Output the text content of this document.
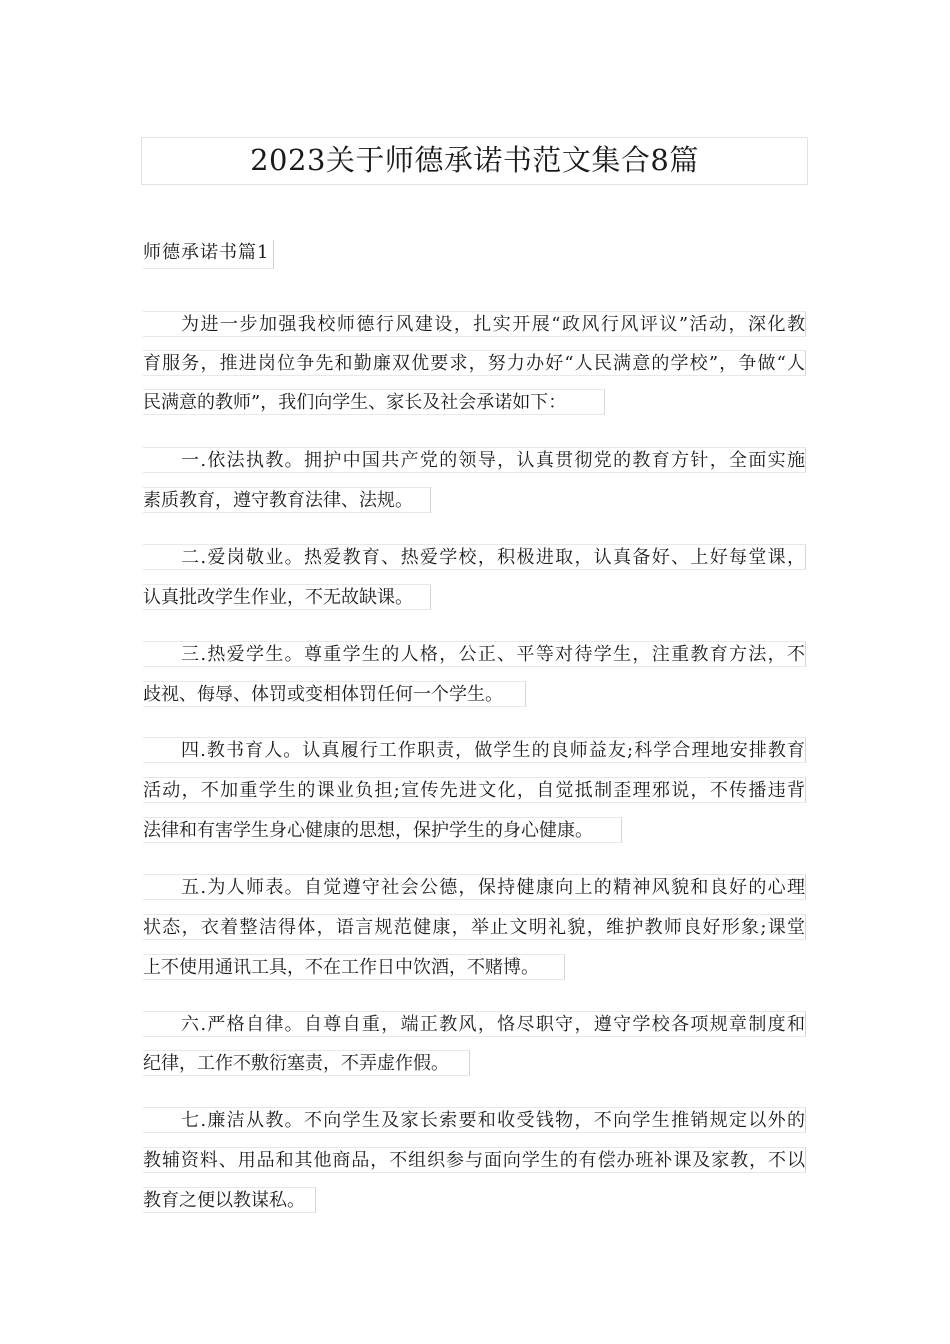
2023关于师德承诺书范文集合8篇
师德承诺书篇1
为进一步加强我校师德行风建设，扎实开展“政风行风评议”活动，深化教
育服务，推进岗位争先和勤廉双优要求，努力办好“人民满意的学校”，争做“人
民满意的教师”，我们向学生、家长及社会承诺如下：
一.依法执教。拥护中国共产党的领导，认真贯彻党的教育方针，全面实施
素质教育，遵守教育法律、法规。
二.爱岗敬业。热爱教育、热爱学校，积极进取，认真备好、上好每堂课，
认真批改学生作业，不无故缺课。
三.热爱学生。尊重学生的人格，公正、平等对待学生，注重教育方法，不
歧视、侮辱、体罚或变相体罚任何一个学生。
四.教书育人。认真履行工作职责，做学生的良师益友;科学合理地安排教育
活动，不加重学生的课业负担;宣传先进文化，自觉抵制歪理邪说，不传播违背
法律和有害学生身心健康的思想，保护学生的身心健康。
五.为人师表。自觉遵守社会公德，保持健康向上的精神风貌和良好的心理
状态，衣着整洁得体，语言规范健康，举止文明礼貌，维护教师良好形象;课堂
上不使用通讯工具，不在工作日中饮酒，不赌博。
六.严格自律。自尊自重，端正教风，恪尽职守，遵守学校各项规章制度和
纪律，工作不敷衍塞责，不弄虚作假。
七.廉洁从教。不向学生及家长索要和收受钱物，不向学生推销规定以外的
教辅资料、用品和其他商品，不组织参与面向学生的有偿办班补课及家教，不以
教育之便以教谋私。
